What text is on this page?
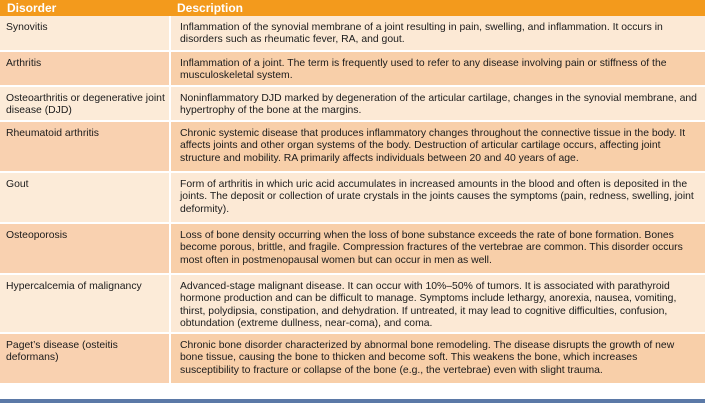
Disorder	Description
Synovitis	Inflammation of the synovial membrane of a joint resulting in pain, swelling, and inflammation. It occurs in disorders such as rheumatic fever, RA, and gout.
Arthritis	Inflammation of a joint. The term is frequently used to refer to any disease involving pain or stiffness of the musculoskeletal system.
Osteoarthritis or degenerative joint disease (DJD)	Noninflammatory DJD marked by degeneration of the articular cartilage, changes in the synovial membrane, and hypertrophy of the bone at the margins.
Rheumatoid arthritis	Chronic systemic disease that produces inflammatory changes throughout the connective tissue in the body. It affects joints and other organ systems of the body. Destruction of articular cartilage occurs, affecting joint structure and mobility. RA primarily affects individuals between 20 and 40 years of age.
Gout	Form of arthritis in which uric acid accumulates in increased amounts in the blood and often is deposited in the joints. The deposit or collection of urate crystals in the joints causes the symptoms (pain, redness, swelling, joint deformity).
Osteoporosis	Loss of bone density occurring when the loss of bone substance exceeds the rate of bone formation. Bones become porous, brittle, and fragile. Compression fractures of the vertebrae are common. This disorder occurs most often in postmenopausal women but can occur in men as well.
Hypercalcemia of malignancy	Advanced-stage malignant disease. It can occur with 10%–50% of tumors. It is associated with parathyroid hormone production and can be difficult to manage. Symptoms include lethargy, anorexia, nausea, vomiting, thirst, polydipsia, constipation, and dehydration. If untreated, it may lead to cognitive difficulties, confusion, obtundation (extreme dullness, near-coma), and coma.
Paget’s disease (osteitis deformans)	Chronic bone disorder characterized by abnormal bone remodeling. The disease disrupts the growth of new bone tissue, causing the bone to thicken and become soft. This weakens the bone, which increases susceptibility to fracture or collapse of the bone (e.g., the vertebrae) even with slight trauma.
